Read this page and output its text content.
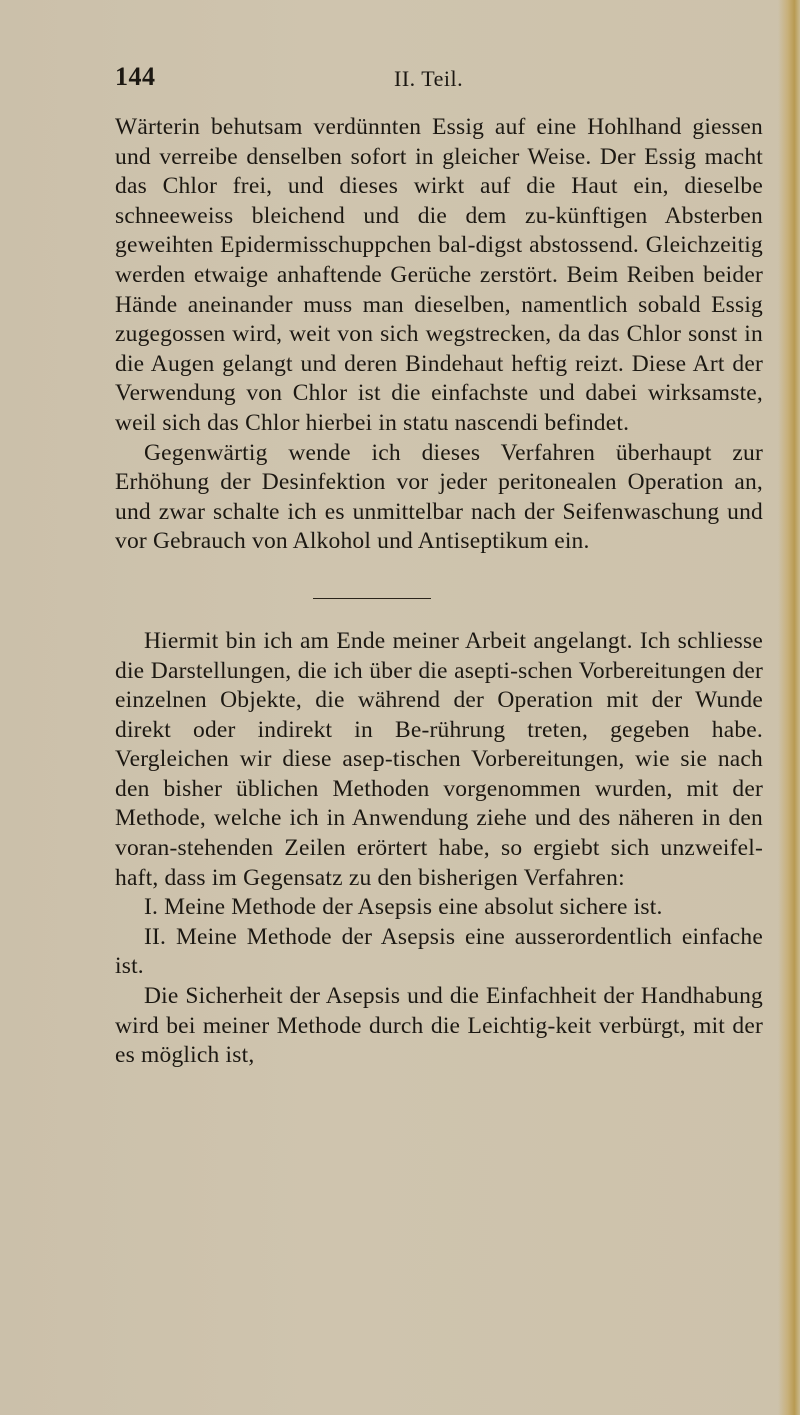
144	II. Teil.

Wärterin behutsam verdünnten Essig auf eine Hohlhand giessen und verreibe denselben sofort in gleicher Weise. Der Essig macht das Chlor frei, und dieses wirkt auf die Haut ein, dieselbe schneeweiss bleichend und die dem zu-künftigen Absterben geweihten Epidermisschuppchen bal-digst abstossend. Gleichzeitig werden etwaige anhaftende Gerüche zerstört. Beim Reiben beider Hände aneinander muss man dieselben, namentlich sobald Essig zugegossen wird, weit von sich wegstrecken, da das Chlor sonst in die Augen gelangt und deren Bindehaut heftig reizt. Diese Art der Verwendung von Chlor ist die einfachste und dabei wirksamste, weil sich das Chlor hierbei in statu nascendi befindet.

Gegenwärtig wende ich dieses Verfahren überhaupt zur Erhöhung der Desinfektion vor jeder peritonealen Operation an, und zwar schalte ich es unmittelbar nach der Seifenwaschung und vor Gebrauch von Alkohol und Antiseptikum ein.

Hiermit bin ich am Ende meiner Arbeit angelangt. Ich schliesse die Darstellungen, die ich über die asepti-schen Vorbereitungen der einzelnen Objekte, die während der Operation mit der Wunde direkt oder indirekt in Be-rührung treten, gegeben habe. Vergleichen wir diese asep-tischen Vorbereitungen, wie sie nach den bisher üblichen Methoden vorgenommen wurden, mit der Methode, welche ich in Anwendung ziehe und des näheren in den voran-stehenden Zeilen erörtert habe, so ergiebt sich unzweifel-haft, dass im Gegensatz zu den bisherigen Verfahren:

I. Meine Methode der Asepsis eine absolut sichere ist.

II. Meine Methode der Asepsis eine ausserordentlich einfache ist.

Die Sicherheit der Asepsis und die Einfachheit der Handhabung wird bei meiner Methode durch die Leichtig-keit verbürgt, mit der es möglich ist,
